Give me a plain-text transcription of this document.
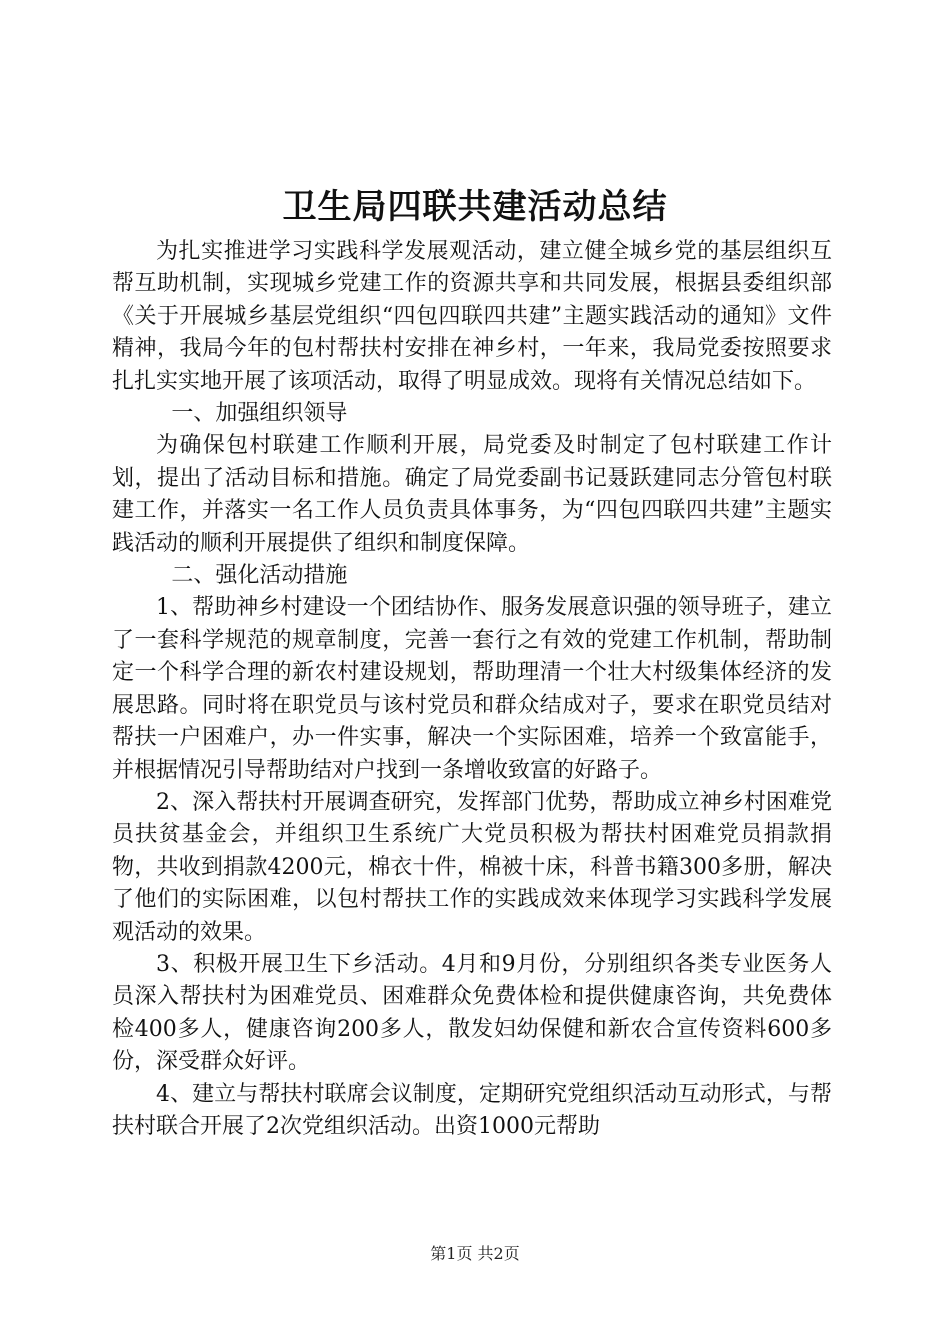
卫生局四联共建活动总结

为扎实推进学习实践科学发展观活动，建立健全城乡党的基层组织互帮互助机制，实现城乡党建工作的资源共享和共同发展，根据县委组织部《关于开展城乡基层党组织“四包四联四共建”主题实践活动的通知》文件精神，我局今年的包村帮扶村安排在神乡村，一年来，我局党委按照要求扎扎实实地开展了该项活动，取得了明显成效。现将有关情况总结如下。

一、加强组织领导

为确保包村联建工作顺利开展，局党委及时制定了包村联建工作计划，提出了活动目标和措施。确定了局党委副书记聂跃建同志分管包村联建工作，并落实一名工作人员负责具体事务，为“四包四联四共建”主题实践活动的顺利开展提供了组织和制度保障。

二、强化活动措施

1、帮助神乡村建设一个团结协作、服务发展意识强的领导班子，建立了一套科学规范的规章制度，完善一套行之有效的党建工作机制，帮助制定一个科学合理的新农村建设规划，帮助理清一个壮大村级集体经济的发展思路。同时将在职党员与该村党员和群众结成对子，要求在职党员结对帮扶一户困难户，办一件实事，解决一个实际困难，培养一个致富能手，并根据情况引导帮助结对户找到一条增收致富的好路子。

2、深入帮扶村开展调查研究，发挥部门优势，帮助成立神乡村困难党员扶贫基金会，并组织卫生系统广大党员积极为帮扶村困难党员捐款捐物，共收到捐款4200元，棉衣十件，棉被十床，科普书籍300多册，解决了他们的实际困难，以包村帮扶工作的实践成效来体现学习实践科学发展观活动的效果。

3、积极开展卫生下乡活动。4月和9月份，分别组织各类专业医务人员深入帮扶村为困难党员、困难群众免费体检和提供健康咨询，共免费体检400多人，健康咨询200多人，散发妇幼保健和新农合宣传资料600多份，深受群众好评。

4、建立与帮扶村联席会议制度，定期研究党组织活动互动形式，与帮扶村联合开展了2次党组织活动。出资1000元帮助

第1页 共2页
